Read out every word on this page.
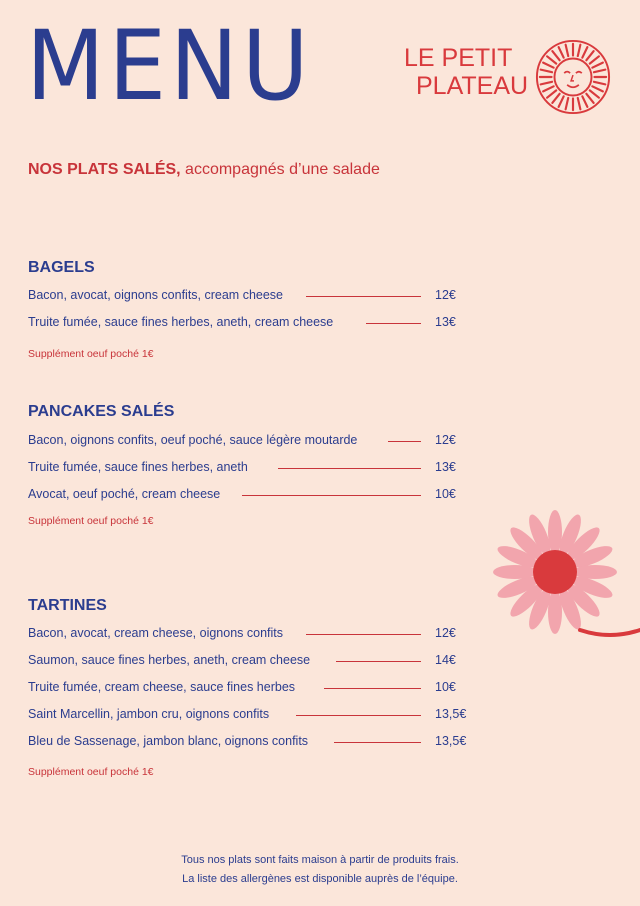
MENU	LE PETIT
PLATEAU
NOS PLATS SALÉS, accompagnés d’une salade
BAGELS
Bacon, avocat, oignons confits, cream cheese	12€
Truite fumée, sauce fines herbes, aneth, cream cheese	13€
Supplément oeuf poché 1€
PANCAKES SALÉS
Bacon, oignons confits, oeuf poché, sauce légère moutarde	12€
Truite fumée, sauce fines herbes, aneth	13€
Avocat, oeuf poché, cream cheese	10€
Supplément oeuf poché 1€
TARTINES
Bacon, avocat, cream cheese, oignons confits	12€
Saumon, sauce fines herbes, aneth, cream cheese	14€
Truite fumée, cream cheese, sauce fines herbes	10€
Saint Marcellin, jambon cru, oignons confits	13,5€
Bleu de Sassenage, jambon blanc, oignons confits	13,5€
Supplément oeuf poché 1€
Tous nos plats sont faits maison à partir de produits frais.
La liste des allergènes est disponible auprès de l’équipe.
